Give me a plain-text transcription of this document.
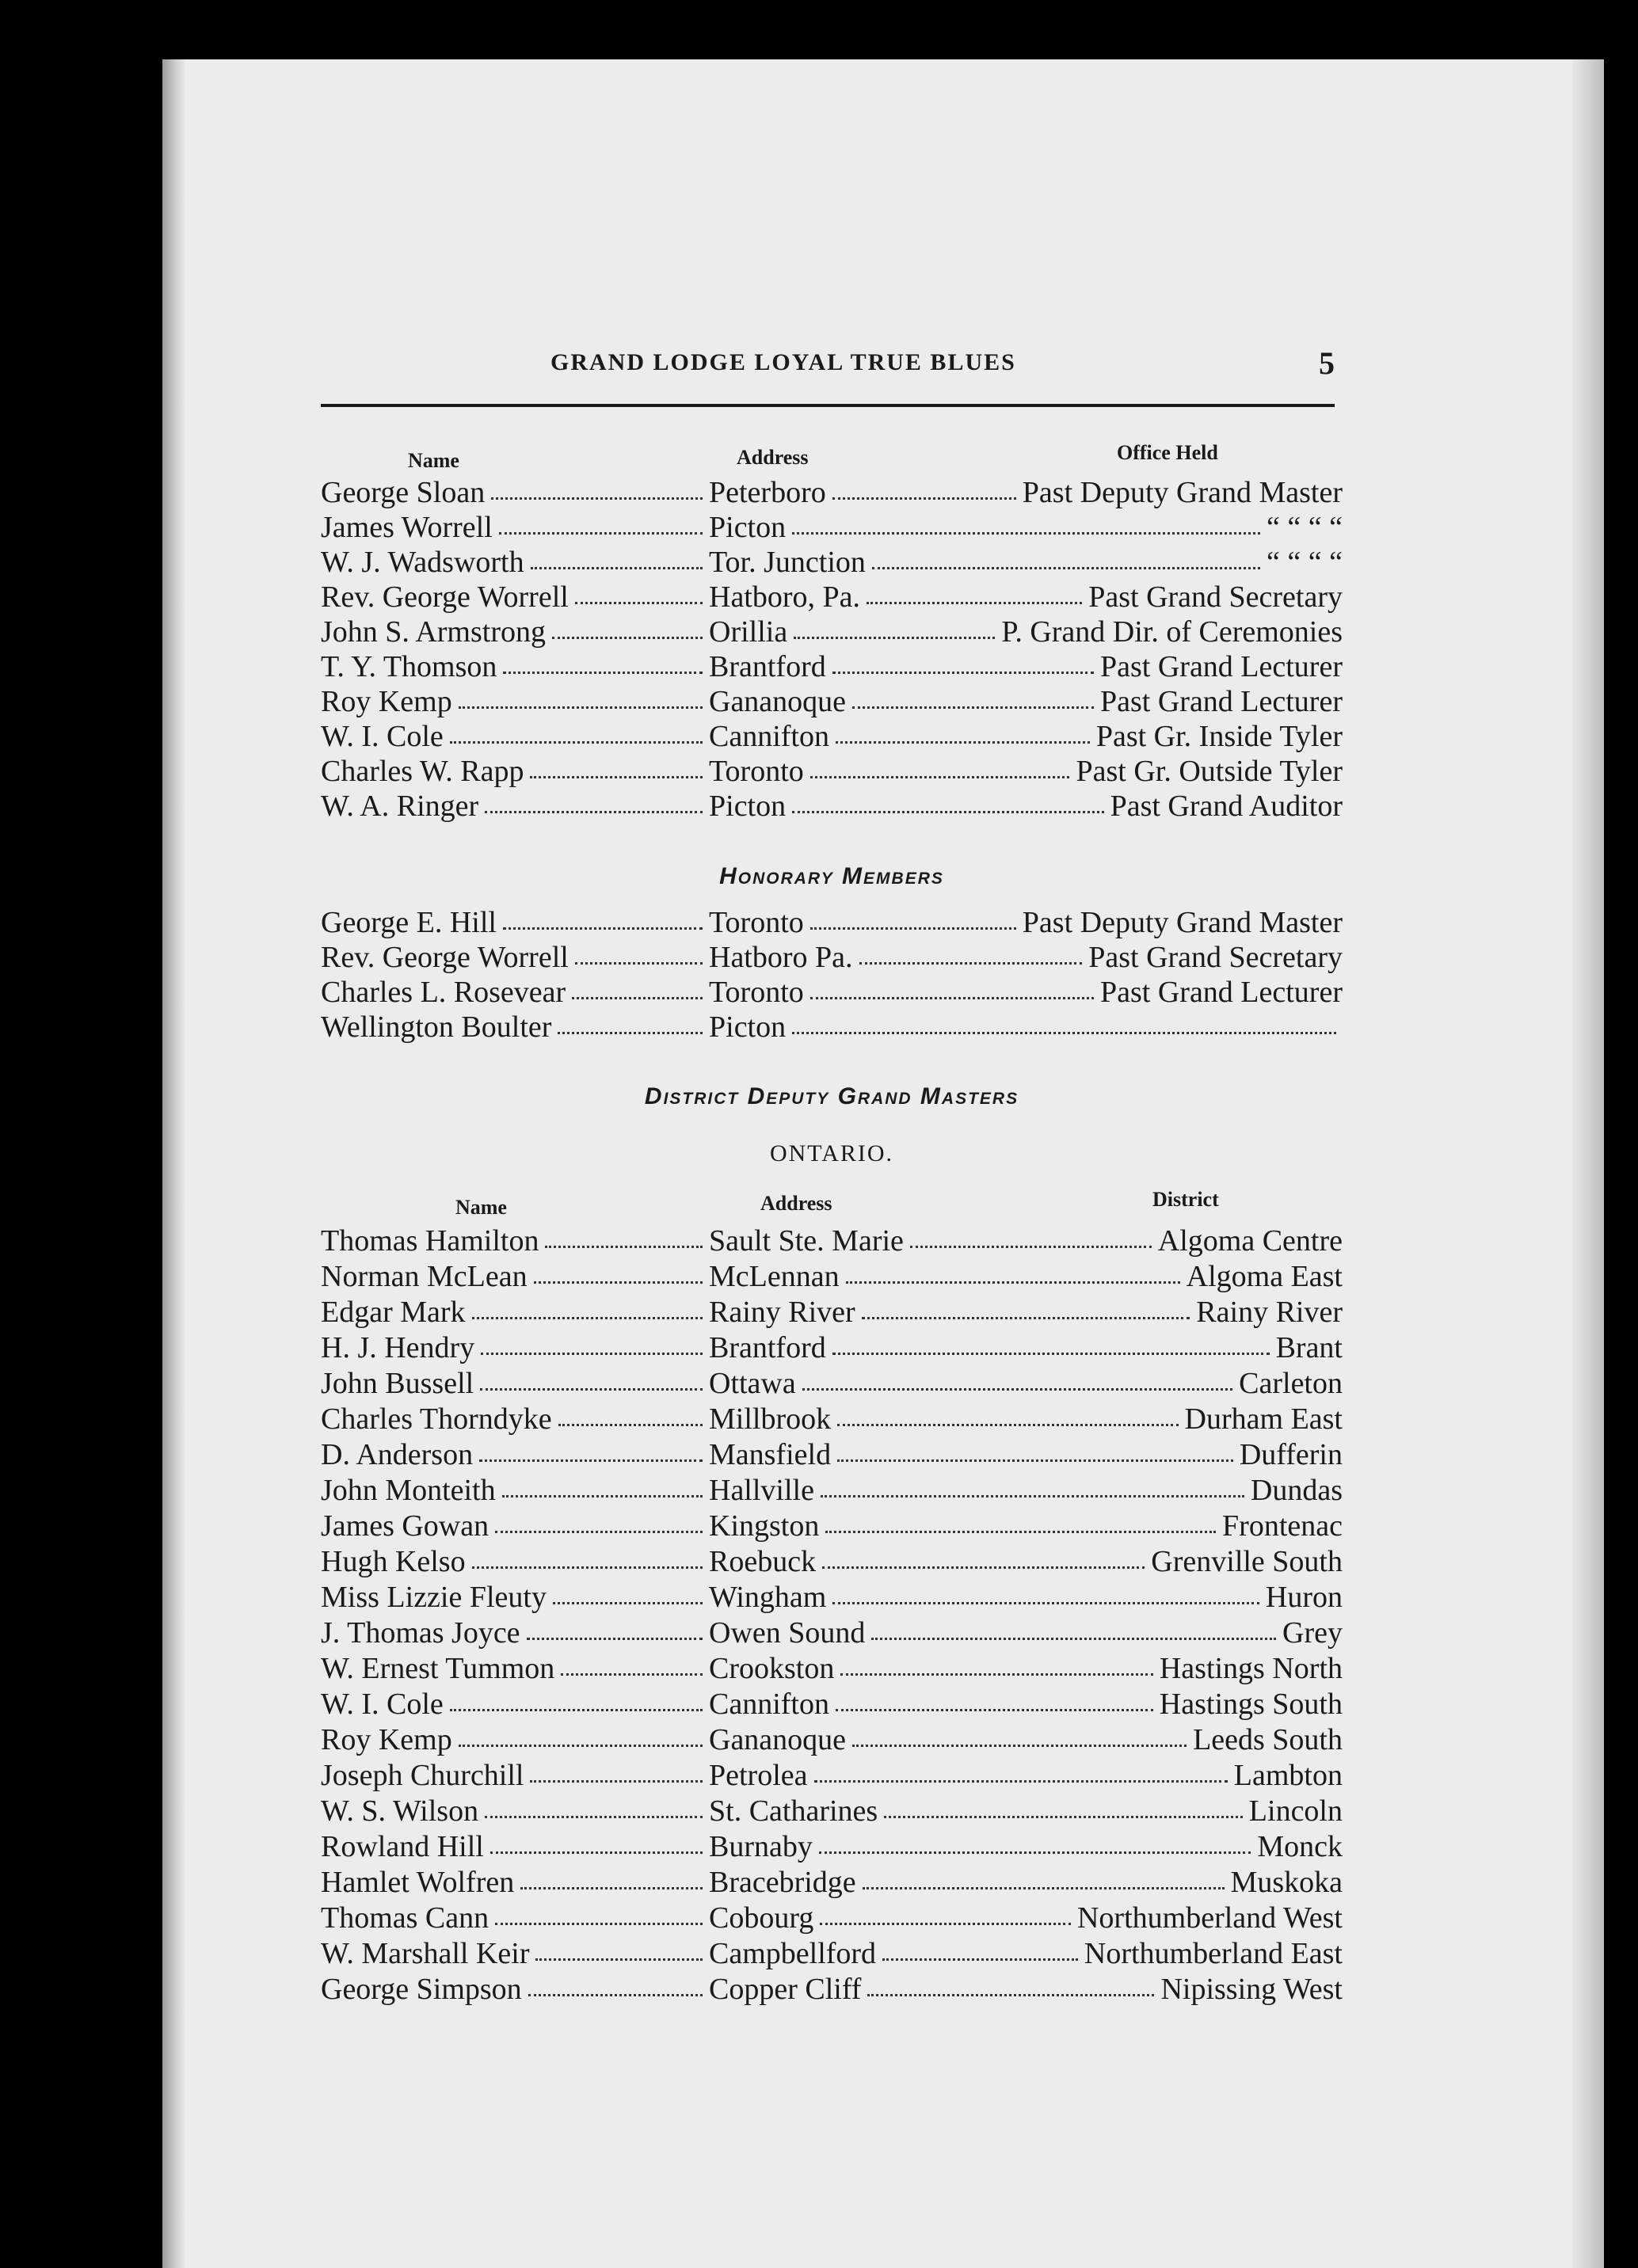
GRAND LODGE LOYAL TRUE BLUES	5
Name	Address	Office Held
George Sloan	Peterboro	Past Deputy Grand Master
James Worrell	Picton	“ “ “ “
W. J. Wadsworth	Tor. Junction	“ “ “ “
Rev. George Worrell	Hatboro, Pa.	Past Grand Secretary
John S. Armstrong	Orillia	P. Grand Dir. of Ceremonies
T. Y. Thomson	Brantford	Past Grand Lecturer
Roy Kemp	Gananoque	Past Grand Lecturer
W. I. Cole	Cannifton	Past Gr. Inside Tyler
Charles W. Rapp	Toronto	Past Gr. Outside Tyler
W. A. Ringer	Picton	Past Grand Auditor
Honorary Members
George E. Hill	Toronto	Past Deputy Grand Master
Rev. George Worrell	Hatboro Pa.	Past Grand Secretary
Charles L. Rosevear	Toronto	Past Grand Lecturer
Wellington Boulter	Picton
District Deputy Grand Masters
ONTARIO.
Name	Address	District
Thomas Hamilton	Sault Ste. Marie	Algoma Centre
Norman McLean	McLennan	Algoma East
Edgar Mark	Rainy River	Rainy River
H. J. Hendry	Brantford	Brant
John Bussell	Ottawa	Carleton
Charles Thorndyke	Millbrook	Durham East
D. Anderson	Mansfield	Dufferin
John Monteith	Hallville	Dundas
James Gowan	Kingston	Frontenac
Hugh Kelso	Roebuck	Grenville South
Miss Lizzie Fleuty	Wingham	Huron
J. Thomas Joyce	Owen Sound	Grey
W. Ernest Tummon	Crookston	Hastings North
W. I. Cole	Cannifton	Hastings South
Roy Kemp	Gananoque	Leeds South
Joseph Churchill	Petrolea	Lambton
W. S. Wilson	St. Catharines	Lincoln
Rowland Hill	Burnaby	Monck
Hamlet Wolfren	Bracebridge	Muskoka
Thomas Cann	Cobourg	Northumberland West
W. Marshall Keir	Campbellford	Northumberland East
George Simpson	Copper Cliff	Nipissing West
